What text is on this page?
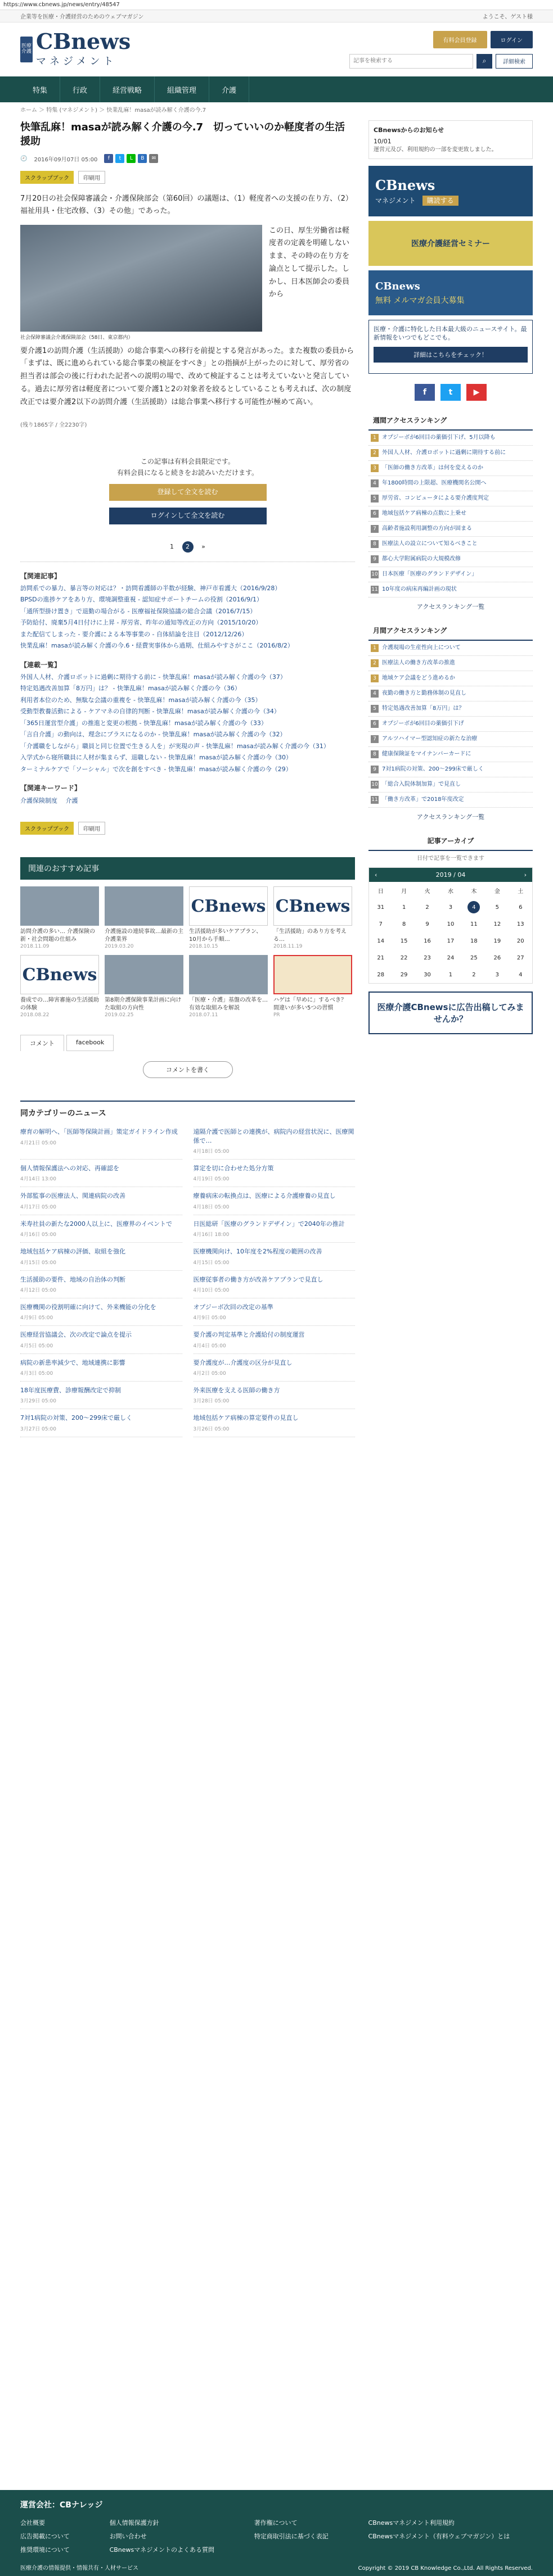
https://www.cbnews.jp/news/entry/48547
企業等を医療・介護経営のためのウェブマガジン	ようこそ、ゲスト様
医療介護 CBnews
マネジメント
有料会員登録	ログイン
記事を検索する
⌕	詳細検索
特集	行政	経営戦略	組織管理	介護
ホーム ＞ 特集 (マネジメント) ＞ 快業乱麻！masaが読み解く介護の今.7
快筆乱麻！masaが読み解く介護の今.7　切っていいのか軽度者の生活援助
🕘 2016年09月07日 05:00	f	t	L	B	✉
スクラップブック	印刷用

7月20日の社会保障審議会・介護保険部会（第60回）の議題は、（1）軽度者への支援の在り方、（2）福祉用具・住宅改修、（3）その他」であった。

社会保障審議会介護保険部会（58日、東京都内）

この日、厚生労働省は軽度者の定義を明確しないまま、その時の在り方を論点として提示した。しかし、日本医師会の委員から

要介護1の訪問介護（生活援助）の総合事業への移行を前提とする発言があった。また複数の委員から「まずは、既に進められている総合事業の検証をすべき」との指摘が上がったのに対して、厚労省の担当者は部会の後に行われた記者への説明の場で、改めて検証することは考えていないと発言している。過去に厚労省は軽度者について要介護1と2の対象者を絞るとしていることも考えれば、次の制度改正では要介護2以下の訪問介護（生活援助）は総合事業へ移行する可能性が極めて高い。

(残り1865字 / 全2230字)
この記事は有料会員限定です。
有料会員になると続きをお読みいただけます。
登録して全文を読む
ログインして全文を読む
1	2	»
【関連記事】
訪問系での暴力、暴言等の対応は？・訪問看護師の半数が経験、神戸市看護大（2016/9/28）
BPSDの進捗ケアをあり方、環境調整重視 - 認知症サポートチームの役割（2016/9/1）
「通所型掛け置き」で退勤の場合がる - 医療福祉保険協議の総合会議（2016/7/15）
予防給付、廃棄5月4日付けに上昇 - 厚労省、昨年の通知等改正の方向（2015/10/20）
また配信てしまった - 要介護による本等事業の - 自体結論を注目（2012/12/26）
快業乱麻！masaが読み解く介護の今.6・経費実事体から過期、仕組みやすさがここ（2016/8/2）
【連載一覧】
外国人人材、介護ロボットに過剰に期待する前に - 快筆乱麻！masaが読み解く介護の今（37）
特定処遇改善加算「8万円」は？ - 快筆乱麻！masaが読み解く介護の今（36）
利用者本位のため、無駄な会議の重複を - 快筆乱麻！masaが読み解く介護の今（35）
受動型教養活動による - ケアマネの自律的判断 - 快筆乱麻！masaが読み解く介護の今（34）
「365日運営型介護」の推進と変更の根拠 - 快筆乱麻！masaが読み解く介護の今（33）
「言自介護」の動向は、理念にプラスになるのか - 快筆乱麻！masaが読み解く介護の今（32）
「介護職をしながら」職員と同じ位置で生きる人を」が実現の声 - 快筆乱麻！masaが読み解く介護の今（31）
入学式から寝所職員に人材が集まらず、退職しない - 快筆乱麻！masaが読み解く介護の今（30）
ターミナルケアで「ソーシャル」で次を創をすべき - 快筆乱麻！masaが読み解く介護の今（29）
【関連キーワード】
介護保険制度　 介護
スクラップブック	印刷用
関連のおすすめ記事
訪問介護の多い… 介護保険の新・社会問題の仕組み
2018.11.09
介護施設の連続事故…最新の主介護業界
2019.03.20
CBnews
生活援助が多いケアプラン、10月から手順…
2018.10.15
CBnews
「生活援助」のあり方を考える…
2018.11.19
CBnews
養成での…障害審施の生活援助の体験
2018.08.22
第8期介護保険事業計画に向けた取組の方向性
2019.02.25
「医療・介護」基盤の改革を… 有効な取組みを解説
2018.07.11
ハゲは「早めに」するべき？ 間違いが多い5つの習慣
PR
コメント	facebook
コメントを書く
同カテゴリーのニュース
療育の解明へ、「医師等保険計画」策定ガイドライン作成
4月21日 05:00
遠隔介護で医師との連携が、病院内の経営状況に、医療関係で…
4月18日 05:00
個人情報保護法への対応、再確認を
4月14日 13:00
算定を切に合わせた処分方策
4月19日 05:00
外部監事の医療法人、関連病院の改善
4月17日 05:00
療養病床の転換点は、医療による介護療養の見直し
4月18日 05:00
米寿社員の新たな2000人以上に、医療界のイベントで
4月16日 05:00
日医総研「医療のグランドデザイン」で2040年の推計
4月16日 18:00
地域包括ケア病棟の評価、取組を強化
4月15日 05:00
医療機関向け、10年度を2%程度の範囲の改善
4月15日 05:00
生活援助の要件、地域の自治体の判断
4月12日 05:00
医療従事者の働き方が改善ケアプランで見直し
4月10日 05:00
医療機関の役割明確に向けて、外来機能の分化を
4月9日 05:00
オプジーボ次回の改定の基準
4月9日 05:00
医療経営協議会、次の改定で論点を提示
4月5日 05:00
要介護の判定基準と介護給付の制度運営
4月4日 05:00
病院の新患率減少で、地域連携に影響
4月3日 05:00
要介護度が…介護度の区分が見直し
4月2日 05:00
18年度医療費、診療報酬改定で抑制
3月29日 05:00
外来医療を支える医師の働き方
3月28日 05:00
7対1病院の対策、200〜299床で厳しく
3月27日 05:00
地域包括ケア病棟の算定要件の見直し
3月26日 05:00
CBnewsからのお知らせ
10/01
運営元及び、利用規約の一部を変更致しました。
CBnews
マネジメント　 購読する
医療介護経営セミナー
CBnews
無料 メルマガ会員大募集
医療・介護に特化した日本最大級のニュースサイト。最新情報をいつでもどこでも。
詳細はこちらをチェック！
f	t	▶
週間アクセスランキング
1	オプジーボが6回目の薬価引下げ、5月以降も
2	外国人人材、介護ロボットに過剰に期待する前に
3	「医師の働き方改革」は何を変えるのか
4	年1800時間の上限超、医療機関名公開へ
5	厚労省、コンピュータによる要介護度判定
6	地域包括ケア病棟の点数に上乗せ
7	高齢者施設利用調整の方向が固まる
8	医療法人の設立について知るべきこと
9	都心大学附属病院の大規模改修
10 日本医療「医療のグランドデザイン」
11 10年度の病床再編計画の現状
アクセスランキング一覧
月間アクセスランキング
1	介護現場の生産性向上について
2	医療法人の働き方改革の推進
3	地域ケア会議をどう進めるか
4	夜勤の働き方と勤務体制の見直し
5	特定処遇改善加算「8万円」は？
6	オプジーボが6回目の薬価引下げ
7	アルツハイマー型認知症の新たな治療
8	健康保険証をマイナンバーカードに
9	7対1病院の対策、200〜299床で厳しく
10 「総合入院体制加算」で見直し
11 「働き方改革」で2018年度改定
アクセスランキング一覧
記事アーカイブ
日付で記事を一覧できます
‹	2019 / 04	›
日	月	火	水	木	金	土
31	1	2	3	4	5	6
7	8	9	10	11	12	13
14	15	16	17	18	19	20
21	22	23	24	25	26	27
28	29	30	1	2	3	4
医療介護CBnewsに広告出稿してみませんか？
運営会社：CBナレッジ
会社概要	個人情報保護方針	著作権について	CBnewsマネジメント利用規約
広告掲載について	お問い合わせ	特定商取引法に基づく表記	CBnewsマネジメント（有料ウェブマガジン）とは
推奨環境について	CBnewsマネジメントのよくある質問
医療介護の情報提供・情報共有・人材サービス	Copyright © 2019 CB Knowledge Co.,Ltd. All Rights Reserved.
